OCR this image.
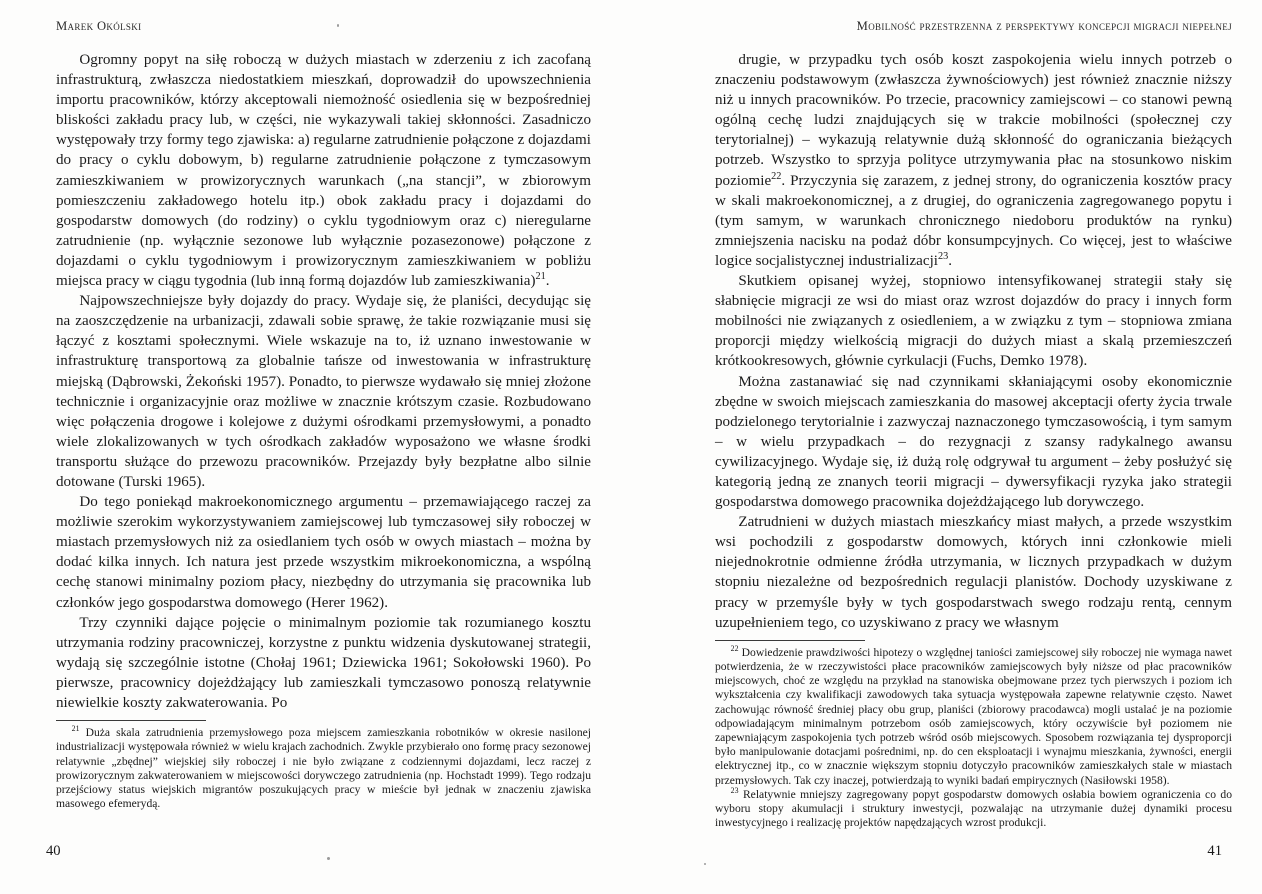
Marek Okólski

Ogromny popyt na siłę roboczą w dużych miastach w zderzeniu z ich zacofaną infrastrukturą, zwłaszcza niedostatkiem mieszkań, doprowadził do upowszechnienia importu pracowników, którzy akceptowali niemożność osiedlenia się w bezpośredniej bliskości zakładu pracy lub, w części, nie wykazywali takiej skłonności. Zasadniczo występowały trzy formy tego zjawiska: a) regularne zatrudnienie połączone z dojazdami do pracy o cyklu dobowym, b) regularne zatrudnienie połączone z tymczasowym zamieszkiwaniem w prowizorycznych warunkach („na stancji”, w zbiorowym pomieszczeniu zakładowego hotelu itp.) obok zakładu pracy i dojazdami do gospodarstw domowych (do rodziny) o cyklu tygodniowym oraz c) nieregularne zatrudnienie (np. wyłącznie sezonowe lub wyłącznie pozasezonowe) połączone z dojazdami o cyklu tygodniowym i prowizorycznym zamieszkiwaniem w pobliżu miejsca pracy w ciągu tygodnia (lub inną formą dojazdów lub zamieszkiwania)$^{21}$.

Najpowszechniejsze były dojazdy do pracy. Wydaje się, że planiści, decydując się na zaoszczędzenie na urbanizacji, zdawali sobie sprawę, że takie rozwiązanie musi się łączyć z kosztami społecznymi. Wiele wskazuje na to, iż uznano inwestowanie w infrastrukturę transportową za globalnie tańsze od inwestowania w infrastrukturę miejską (Dąbrowski, Żekoński 1957). Ponadto, to pierwsze wydawało się mniej złożone technicznie i organizacyjnie oraz możliwe w znacznie krótszym czasie. Rozbudowano więc połączenia drogowe i kolejowe z dużymi ośrodkami przemysłowymi, a ponadto wiele zlokalizowanych w tych ośrodkach zakładów wyposażono we własne środki transportu służące do przewozu pracowników. Przejazdy były bezpłatne albo silnie dotowane (Turski 1965).

Do tego poniekąd makroekonomicznego argumentu – przemawiającego raczej za możliwie szerokim wykorzystywaniem zamiejscowej lub tymczasowej siły roboczej w miastach przemysłowych niż za osiedlaniem tych osób w owych miastach – można by dodać kilka innych. Ich natura jest przede wszystkim mikroekonomiczna, a wspólną cechę stanowi minimalny poziom płacy, niezbędny do utrzymania się pracownika lub członków jego gospodarstwa domowego (Herer 1962).

Trzy czynniki dające pojęcie o minimalnym poziomie tak rozumianego kosztu utrzymania rodziny pracowniczej, korzystne z punktu widzenia dyskutowanej strategii, wydają się szczególnie istotne (Chołaj 1961; Dziewicka 1961; Sokołowski 1960). Po pierwsze, pracownicy dojeżdżający lub zamieszkali tymczasowo ponoszą relatywnie niewielkie koszty zakwaterowania. Po

$^{21}$ Duża skala zatrudnienia przemysłowego poza miejscem zamieszkania robotników w okresie nasilonej industrializacji występowała również w wielu krajach zachodnich. Zwykle przybierało ono formę pracy sezonowej relatywnie „zbędnej” wiejskiej siły roboczej i nie było związane z codziennymi dojazdami, lecz raczej z prowizorycznym zakwaterowaniem w miejscowości dorywczego zatrudnienia (np. Hochstadt 1999). Tego rodzaju przejściowy status wiejskich migrantów poszukujących pracy w mieście był jednak w znaczeniu zjawiska masowego efemerydą.

40
Mobilność przestrzenna z perspektywy koncepcji migracji niepełnej

drugie, w przypadku tych osób koszt zaspokojenia wielu innych potrzeb o znaczeniu podstawowym (zwłaszcza żywnościowych) jest również znacznie niższy niż u innych pracowników. Po trzecie, pracownicy zamiejscowi – co stanowi pewną ogólną cechę ludzi znajdujących się w trakcie mobilności (społecznej czy terytorialnej) – wykazują relatywnie dużą skłonność do ograniczania bieżących potrzeb. Wszystko to sprzyja polityce utrzymywania płac na stosunkowo niskim poziomie$^{22}$. Przyczynia się zarazem, z jednej strony, do ograniczenia kosztów pracy w skali makroekonomicznej, a z drugiej, do ograniczenia zagregowanego popytu i (tym samym, w warunkach chronicznego niedoboru produktów na rynku) zmniejszenia nacisku na podaż dóbr konsumpcyjnych. Co więcej, jest to właściwe logice socjalistycznej industrializacji$^{23}$.

Skutkiem opisanej wyżej, stopniowo intensyfikowanej strategii stały się słabnięcie migracji ze wsi do miast oraz wzrost dojazdów do pracy i innych form mobilności nie związanych z osiedleniem, a w związku z tym – stopniowa zmiana proporcji między wielkością migracji do dużych miast a skalą przemieszczeń krótkookresowych, głównie cyrkulacji (Fuchs, Demko 1978).

Można zastanawiać się nad czynnikami skłaniającymi osoby ekonomicznie zbędne w swoich miejscach zamieszkania do masowej akceptacji oferty życia trwale podzielonego terytorialnie i zazwyczaj naznaczonego tymczasowością, i tym samym – w wielu przypadkach – do rezygnacji z szansy radykalnego awansu cywilizacyjnego. Wydaje się, iż dużą rolę odgrywał tu argument – żeby posłużyć się kategorią jedną ze znanych teorii migracji – dywersyfikacji ryzyka jako strategii gospodarstwa domowego pracownika dojeżdżającego lub dorywczego.

Zatrudnieni w dużych miastach mieszkańcy miast małych, a przede wszystkim wsi pochodzili z gospodarstw domowych, których inni członkowie mieli niejednokrotnie odmienne źródła utrzymania, w licznych przypadkach w dużym stopniu niezależne od bezpośrednich regulacji planistów. Dochody uzyskiwane z pracy w przemyśle były w tych gospodarstwach swego rodzaju rentą, cennym uzupełnieniem tego, co uzyskiwano z pracy we własnym

$^{22}$ Dowiedzenie prawdziwości hipotezy o względnej taniości zamiejscowej siły roboczej nie wymaga nawet potwierdzenia, że w rzeczywistości płace pracowników zamiejscowych były niższe od płac pracowników miejscowych, choć ze względu na przykład na stanowiska obejmowane przez tych pierwszych i poziom ich wykształcenia czy kwalifikacji zawodowych taka sytuacja występowała zapewne relatywnie często. Nawet zachowując równość średniej płacy obu grup, planiści (zbiorowy pracodawca) mogli ustalać je na poziomie odpowiadającym minimalnym potrzebom osób zamiejscowych, który oczywiście był poziomem nie zapewniającym zaspokojenia tych potrzeb wśród osób miejscowych. Sposobem rozwiązania tej dysproporcji było manipulowanie dotacjami pośrednimi, np. do cen eksploatacji i wynajmu mieszkania, żywności, energii elektrycznej itp., co w znacznie większym stopniu dotyczyło pracowników zamieszkałych stale w miastach przemysłowych. Tak czy inaczej, potwierdzają to wyniki badań empirycznych (Nasiłowski 1958).

$^{23}$ Relatywnie mniejszy zagregowany popyt gospodarstw domowych osłabia bowiem ograniczenia co do wyboru stopy akumulacji i struktury inwestycji, pozwalając na utrzymanie dużej dynamiki procesu inwestycyjnego i realizację projektów napędzających wzrost produkcji.

41
